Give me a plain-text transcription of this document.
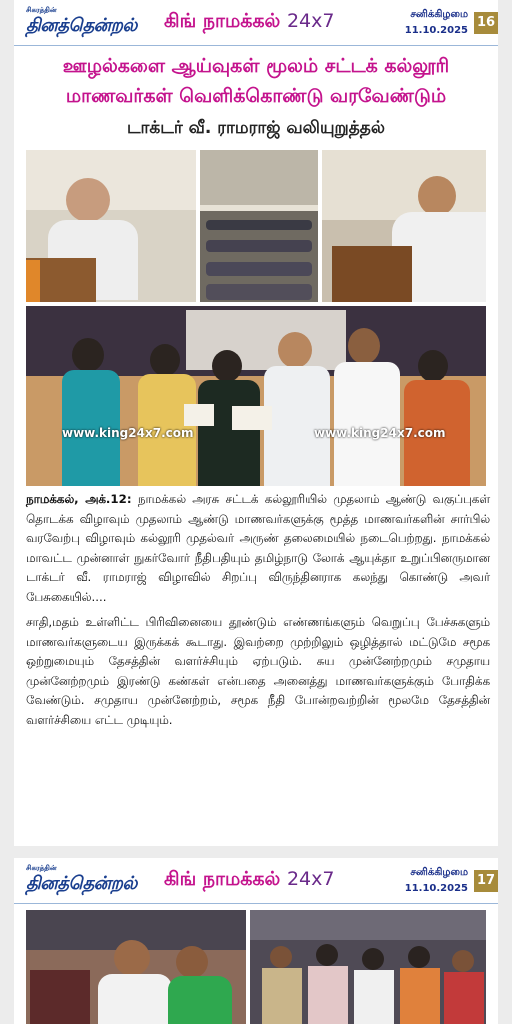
சிகரத்தின்
தினத்தென்றல் கிங் நாமக்கல் 24x7	சனிக்கிழமை
11.10.2025
16
ஊழல்களை ஆய்வுகள் மூலம் சட்டக் கல்லூரி
மாணவர்கள் வெளிக்கொண்டு வரவேண்டும்
டாக்டர் வீ. ராமராஜ் வலியுறுத்தல்
www.king24x7.com	www.king24x7.com

நாமக்கல், அக்.12: நாமக்கல் அரசு சட்டக் கல்லூரியில் முதலாம் ஆண்டு வகுப்புகள் தொடக்க விழாவும் முதலாம் ஆண்டு மாணவர்களுக்கு மூத்த மாணவர்களின் சார்பில் வரவேற்பு விழாவும் கல்லூரி முதல்வர் அருண் தலைமையில் நடைபெற்றது. நாமக்கல் மாவட்ட முன்னாள் நுகர்வோர் நீதிபதியும் தமிழ்நாடு லோக் ஆயுக்தா உறுப்பினருமான டாக்டர் வீ. ராமராஜ் விழாவில் சிறப்பு விருந்தினராக கலந்து கொண்டு அவர் பேசுகையில்....

சாதி,மதம் உள்ளிட்ட பிரிவினையை தூண்டும் எண்ணங்களும் வெறுப்பு பேச்சுகளும் மாணவர்களுடைய இருக்கக் கூடாது. இவற்றை முற்றிலும் ஒழித்தால் மட்டுமே சமூக ஒற்றுமையும் தேசத்தின் வளர்ச்சியும் ஏற்படும். சுய முன்னேற்றமும் சமுதாய முன்னேற்றமும் இரண்டு கண்கள் என்பதை அனைத்து மாணவர்களுக்கும் போதிக்க வேண்டும். சமுதாய முன்னேற்றம், சமூக நீதி போன்றவற்றின் மூலமே தேசத்தின் வளர்ச்சியை எட்ட முடியும்.

சிகரத்தின்
தினத்தென்றல் கிங் நாமக்கல் 24x7	சனிக்கிழமை
11.10.2025
17
